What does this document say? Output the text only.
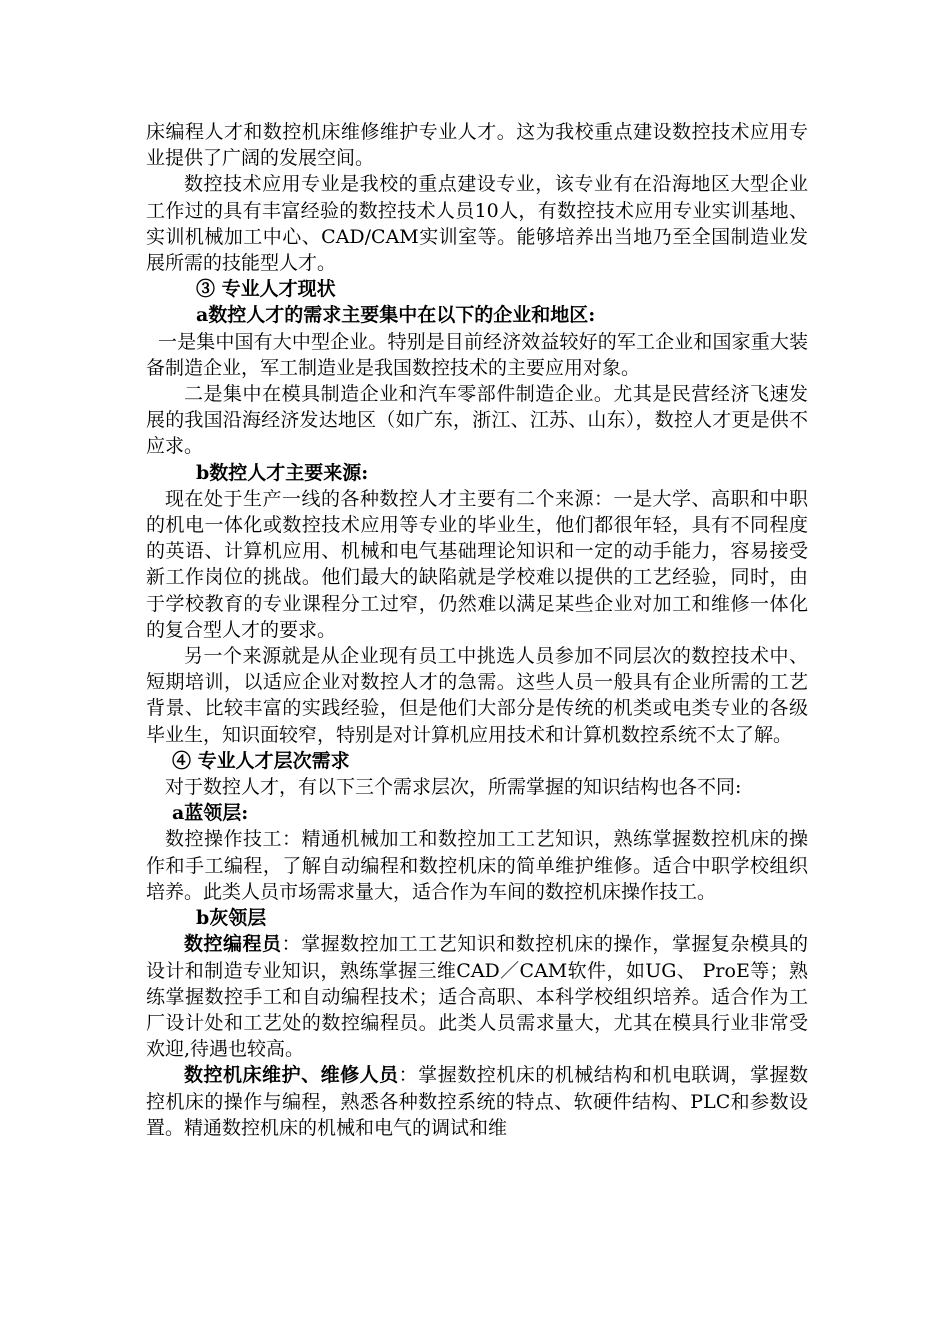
床编程人才和数控机床维修维护专业人才。这为我校重点建设数控技术应用专业提供了广阔的发展空间。

数控技术应用专业是我校的重点建设专业，该专业有在沿海地区大型企业工作过的具有丰富经验的数控技术人员10人，有数控技术应用专业实训基地、实训机械加工中心、CAD/CAM实训室等。能够培养出当地乃至全国制造业发展所需的技能型人才。

③ 专业人才现状

a数控人才的需求主要集中在以下的企业和地区:

一是集中国有大中型企业。特别是目前经济效益较好的军工企业和国家重大装备制造企业，军工制造业是我国数控技术的主要应用对象。

二是集中在模具制造企业和汽车零部件制造企业。尤其是民营经济飞速发展的我国沿海经济发达地区（如广东，浙江、江苏、山东），数控人才更是供不应求。

b数控人才主要来源:

现在处于生产一线的各种数控人才主要有二个来源：一是大学、高职和中职的机电一体化或数控技术应用等专业的毕业生，他们都很年轻，具有不同程度的英语、计算机应用、机械和电气基础理论知识和一定的动手能力，容易接受新工作岗位的挑战。他们最大的缺陷就是学校难以提供的工艺经验，同时，由于学校教育的专业课程分工过窄，仍然难以满足某些企业对加工和维修一体化的复合型人才的要求。

另一个来源就是从企业现有员工中挑选人员参加不同层次的数控技术中、短期培训，以适应企业对数控人才的急需。这些人员一般具有企业所需的工艺背景、比较丰富的实践经验，但是他们大部分是传统的机类或电类专业的各级毕业生，知识面较窄，特别是对计算机应用技术和计算机数控系统不太了解。

④ 专业人才层次需求

对于数控人才，有以下三个需求层次，所需掌握的知识结构也各不同:

a蓝领层:

数控操作技工：精通机械加工和数控加工工艺知识，熟练掌握数控机床的操作和手工编程，了解自动编程和数控机床的简单维护维修。适合中职学校组织培养。此类人员市场需求量大，适合作为车间的数控机床操作技工。

b灰领层

数控编程员：掌握数控加工工艺知识和数控机床的操作，掌握复杂模具的设计和制造专业知识，熟练掌握三维CAD／CAM软件，如UG、 ProE等；熟练掌握数控手工和自动编程技术；适合高职、本科学校组织培养。适合作为工厂设计处和工艺处的数控编程员。此类人员需求量大，尤其在模具行业非常受欢迎,待遇也较高。

数控机床维护、维修人员：掌握数控机床的机械结构和机电联调，掌握数控机床的操作与编程，熟悉各种数控系统的特点、软硬件结构、PLC和参数设置。精通数控机床的机械和电气的调试和维
